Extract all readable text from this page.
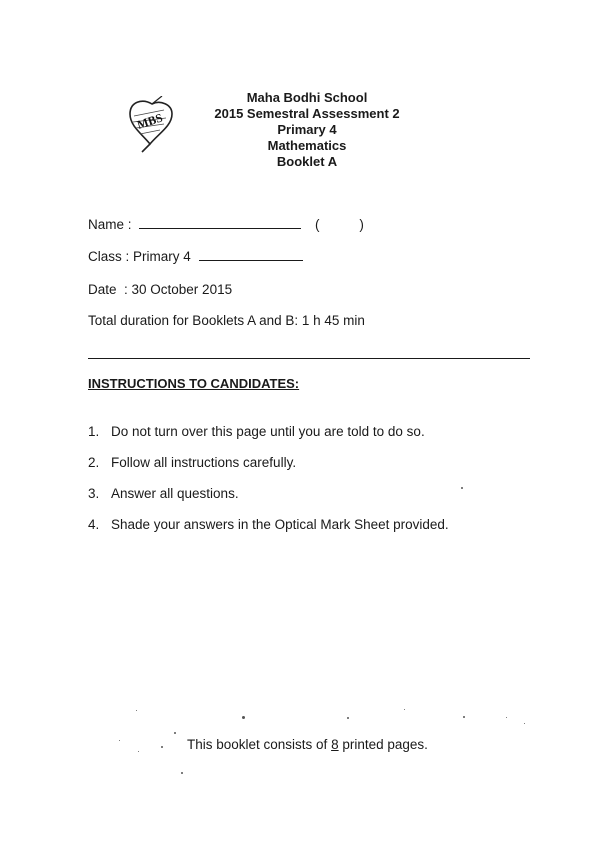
MBS
Maha Bodhi School
2015 Semestral Assessment 2
Primary 4
Mathematics
Booklet A
Name :	(	)
Class : Primary 4
Date  : 30 October 2015
Total duration for Booklets A and B: 1 h 45 min
INSTRUCTIONS TO CANDIDATES:
1. Do not turn over this page until you are told to do so.
2. Follow all instructions carefully.
3. Answer all questions.
4. Shade your answers in the Optical Mark Sheet provided.
This booklet consists of 8 printed pages.
